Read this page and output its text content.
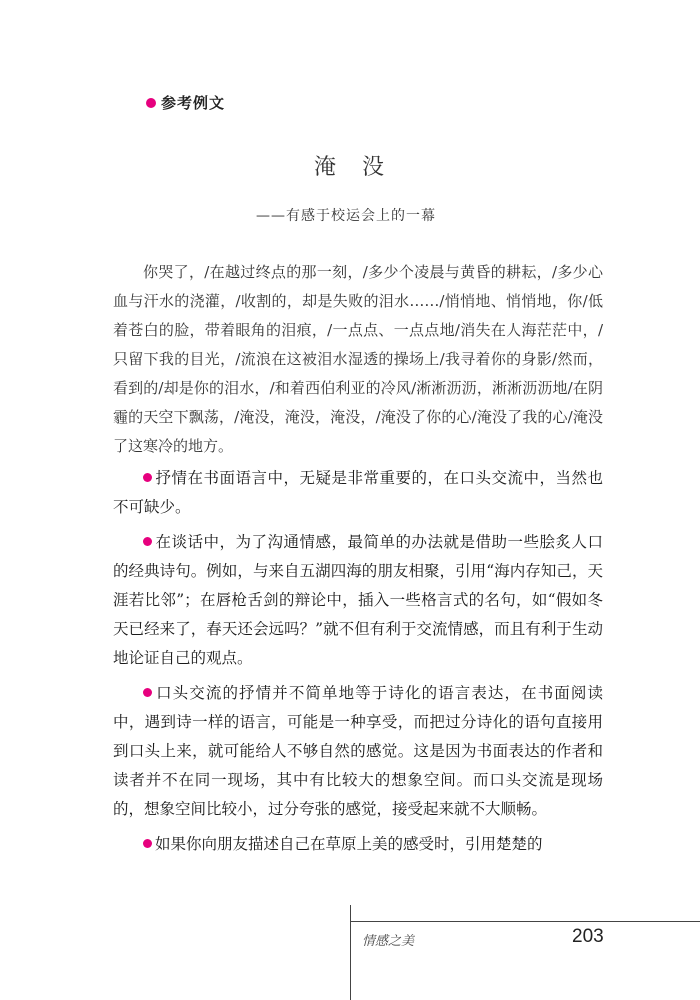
参考例文
淹　没
——有感于校运会上的一幕

你哭了，/在越过终点的那一刻，/多少个凌晨与黄昏的耕耘，/多少心血与汗水的浇灌，/收割的，却是失败的泪水……/悄悄地、悄悄地，你/低着苍白的脸，带着眼角的泪痕，/一点点、一点点地/消失在人海茫茫中，/只留下我的目光，/流浪在这被泪水湿透的操场上/我寻着你的身影/然而，看到的/却是你的泪水，/和着西伯利亚的冷风/淅淅沥沥，淅淅沥沥地/在阴霾的天空下飘荡，/淹没，淹没，淹没，/淹没了你的心/淹没了我的心/淹没了这寒冷的地方。

抒情在书面语言中，无疑是非常重要的，在口头交流中，当然也不可缺少。

在谈话中，为了沟通情感，最简单的办法就是借助一些脍炙人口的经典诗句。例如，与来自五湖四海的朋友相聚，引用“海内存知己，天涯若比邻”；在唇枪舌剑的辩论中，插入一些格言式的名句，如“假如冬天已经来了，春天还会远吗？”就不但有利于交流情感，而且有利于生动地论证自己的观点。

口头交流的抒情并不简单地等于诗化的语言表达，在书面阅读中，遇到诗一样的语言，可能是一种享受，而把过分诗化的语句直接用到口头上来，就可能给人不够自然的感觉。这是因为书面表达的作者和读者并不在同一现场，其中有比较大的想象空间。而口头交流是现场的，想象空间比较小，过分夸张的感觉，接受起来就不大顺畅。

如果你向朋友描述自己在草原上美的感受时，引用楚楚的

情感之美	203
